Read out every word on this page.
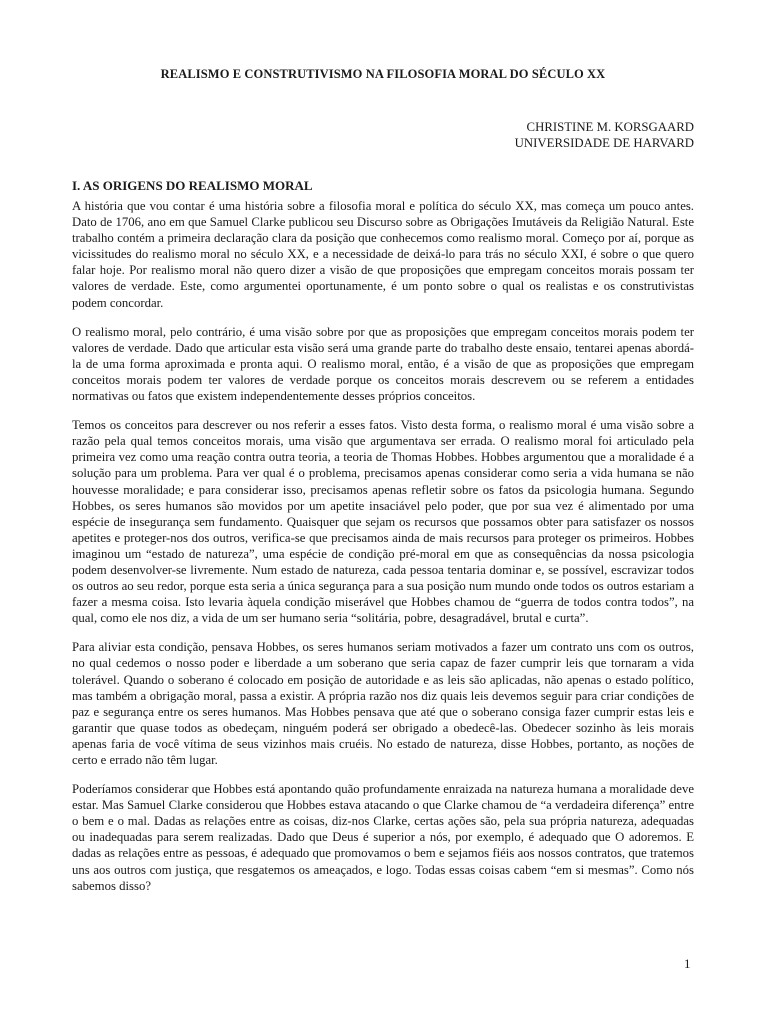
REALISMO E CONSTRUTIVISMO NA FILOSOFIA MORAL DO SÉCULO XX
CHRISTINE M. KORSGAARD
UNIVERSIDADE DE HARVARD
I. AS ORIGENS DO REALISMO MORAL

A história que vou contar é uma história sobre a filosofia moral e política do século XX, mas começa um pouco antes. Dato de 1706, ano em que Samuel Clarke publicou seu Discurso sobre as Obrigações Imutáveis da Religião Natural. Este trabalho contém a primeira declaração clara da posição que conhecemos como realismo moral. Começo por aí, porque as vicissitudes do realismo moral no século XX, e a necessidade de deixá-lo para trás no século XXI, é sobre o que quero falar hoje. Por realismo moral não quero dizer a visão de que proposições que empregam conceitos morais possam ter valores de verdade. Este, como argumentei oportunamente, é um ponto sobre o qual os realistas e os construtivistas podem concordar.

O realismo moral, pelo contrário, é uma visão sobre por que as proposições que empregam conceitos morais podem ter valores de verdade. Dado que articular esta visão será uma grande parte do trabalho deste ensaio, tentarei apenas abordá-la de uma forma aproximada e pronta aqui. O realismo moral, então, é a visão de que as proposições que empregam conceitos morais podem ter valores de verdade porque os conceitos morais descrevem ou se referem a entidades normativas ou fatos que existem independentemente desses próprios conceitos.

Temos os conceitos para descrever ou nos referir a esses fatos. Visto desta forma, o realismo moral é uma visão sobre a razão pela qual temos conceitos morais, uma visão que argumentava ser errada. O realismo moral foi articulado pela primeira vez como uma reação contra outra teoria, a teoria de Thomas Hobbes. Hobbes argumentou que a moralidade é a solução para um problema. Para ver qual é o problema, precisamos apenas considerar como seria a vida humana se não houvesse moralidade; e para considerar isso, precisamos apenas refletir sobre os fatos da psicologia humana. Segundo Hobbes, os seres humanos são movidos por um apetite insaciável pelo poder, que por sua vez é alimentado por uma espécie de insegurança sem fundamento. Quaisquer que sejam os recursos que possamos obter para satisfazer os nossos apetites e proteger-nos dos outros, verifica-se que precisamos ainda de mais recursos para proteger os primeiros. Hobbes imaginou um “estado de natureza”, uma espécie de condição pré-moral em que as consequências da nossa psicologia podem desenvolver-se livremente. Num estado de natureza, cada pessoa tentaria dominar e, se possível, escravizar todos os outros ao seu redor, porque esta seria a única segurança para a sua posição num mundo onde todos os outros estariam a fazer a mesma coisa. Isto levaria àquela condição miserável que Hobbes chamou de “guerra de todos contra todos”, na qual, como ele nos diz, a vida de um ser humano seria “solitária, pobre, desagradável, brutal e curta”.

Para aliviar esta condição, pensava Hobbes, os seres humanos seriam motivados a fazer um contrato uns com os outros, no qual cedemos o nosso poder e liberdade a um soberano que seria capaz de fazer cumprir leis que tornaram a vida tolerável. Quando o soberano é colocado em posição de autoridade e as leis são aplicadas, não apenas o estado político, mas também a obrigação moral, passa a existir. A própria razão nos diz quais leis devemos seguir para criar condições de paz e segurança entre os seres humanos. Mas Hobbes pensava que até que o soberano consiga fazer cumprir estas leis e garantir que quase todos as obedeçam, ninguém poderá ser obrigado a obedecê-las. Obedecer sozinho às leis morais apenas faria de você vítima de seus vizinhos mais cruéis. No estado de natureza, disse Hobbes, portanto, as noções de certo e errado não têm lugar.

Poderíamos considerar que Hobbes está apontando quão profundamente enraizada na natureza humana a moralidade deve estar. Mas Samuel Clarke considerou que Hobbes estava atacando o que Clarke chamou de “a verdadeira diferença” entre o bem e o mal. Dadas as relações entre as coisas, diz-nos Clarke, certas ações são, pela sua própria natureza, adequadas ou inadequadas para serem realizadas. Dado que Deus é superior a nós, por exemplo, é adequado que O adoremos. E dadas as relações entre as pessoas, é adequado que promovamos o bem e sejamos fiéis aos nossos contratos, que tratemos uns aos outros com justiça, que resgatemos os ameaçados, e logo. Todas essas coisas cabem “em si mesmas”. Como nós sabemos disso?

1
